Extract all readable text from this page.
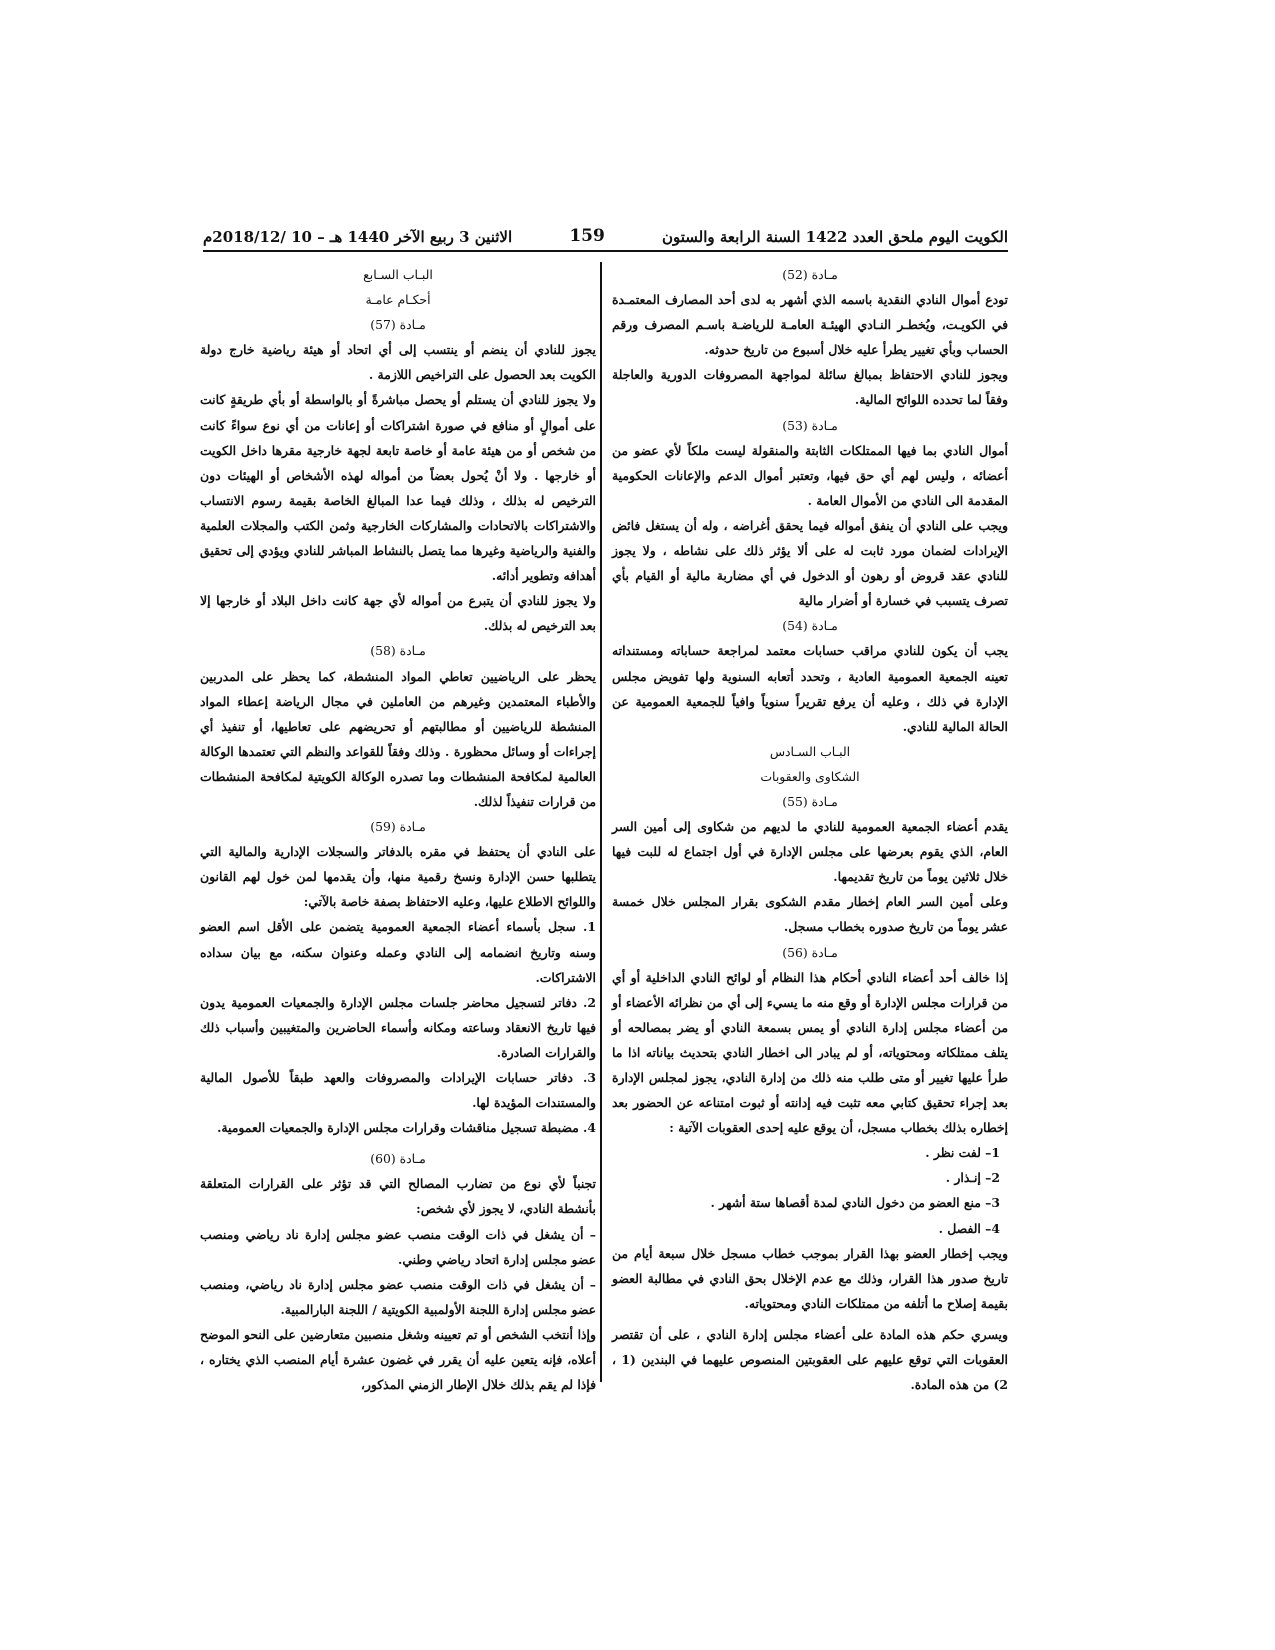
الكويت اليوم ملحق العدد 1422 السنة الرابعة والستون
159
الاثنين 3 ربيع الآخر 1440 هـ – 10 /2018/12م

مـادة (52)

تودع أموال النادي النقدية باسمه الذي أشهر به لدى أحد المصارف المعتمـدة في الكويـت، ويُخطـر النـادي الهيئـة العامـة للرياضـة باسـم المصرف ورقم الحساب وبأي تغيير يطرأ عليه خلال أسبوع من تاريخ حدوثه.

ويجوز للنادي الاحتفاظ بمبالغ سائلة لمواجهة المصروفات الدورية والعاجلة وفقاً لما تحدده اللوائح المالية.

مـادة (53)

أموال النادي بما فيها الممتلكات الثابتة والمنقولة ليست ملكاً لأي عضو من أعضائه ، وليس لهم أي حق فيها، وتعتبر أموال الدعم والإعانات الحكومية المقدمة الى النادي من الأموال العامة .

ويجب على النادي أن ينفق أمواله فيما يحقق أغراضه ، وله أن يستغل فائض الإيرادات لضمان مورد ثابت له على ألا يؤثر ذلك على نشاطه ، ولا يجوز للنادي عقد قروض أو رهون أو الدخول في أي مضاربة مالية أو القيام بأي تصرف يتسبب في خسارة أو أضرار مالية

مـادة (54)

يجب أن يكون للنادي مراقب حسابات معتمد لمراجعة حساباته ومستنداته تعينه الجمعية العمومية العادية ، وتحدد أتعابه السنوية ولها تفويض مجلس الإدارة في ذلك ، وعليه أن يرفع تقريراً سنوياً وافياً للجمعية العمومية عن الحالة المالية للنادي.

البـاب السـادس

الشكاوى والعقوبات

مـادة (55)

يقدم أعضاء الجمعية العمومية للنادي ما لديهم من شكاوى إلى أمين السر العام، الذي يقوم بعرضها على مجلس الإدارة في أول اجتماع له للبت فيها خلال ثلاثين يوماً من تاريخ تقديمها.

وعلى أمين السر العام إخطار مقدم الشكوى بقرار المجلس خلال خمسة عشر يوماً من تاريخ صدوره بخطاب مسجل.

مـادة (56)

إذا خالف أحد أعضاء النادي أحكام هذا النظام أو لوائح النادي الداخلية أو أي من قرارات مجلس الإدارة أو وقع منه ما يسيء إلى أي من نظرائه الأعضاء أو من أعضاء مجلس إدارة النادي أو يمس بسمعة النادي أو يضر بمصالحه أو يتلف ممتلكاته ومحتوياته، أو لم يبادر الى اخطار النادي بتحديث بياناته اذا ما طرأ عليها تغيير أو متى طلب منه ذلك من إدارة النادي، يجوز لمجلس الإدارة بعد إجراء تحقيق كتابي معه تثبت فيه إدانته أو ثبوت امتناعه عن الحضور بعد إخطاره بذلك بخطاب مسجل، أن يوقع عليه إحدى العقوبات الآتية :

1– لفت نظر .

2– إنـذار .

3– منع العضو من دخول النادي لمدة أقصاها ستة أشهر .

4– الفصل .

ويجب إخطار العضو بهذا القرار بموجب خطاب مسجل خلال سبعة أيام من تاريخ صدور هذا القرار، وذلك مع عدم الإخلال بحق النادي في مطالبة العضو بقيمة إصلاح ما أتلفه من ممتلكات النادي ومحتوياته.

ويسري حكم هذه المادة على أعضاء مجلس إدارة النادي ، على أن تقتصر العقوبات التي توقع عليهم على العقوبتين المنصوص عليهما في البندين (1 ، 2) من هذه المادة.

البـاب السـابع

أحكـام عامـة

مـادة (57)

يجوز للنادي أن ينضم أو ينتسب إلى أي اتحاد أو هيئة رياضية خارج دولة الكويت بعد الحصول على التراخيص اللازمة .

ولا يجوز للنادي أن يستلم أو يحصل مباشرةً أو بالواسطة أو بأي طريقةٍ كانت على أموالٍ أو منافع في صورة اشتراكات أو إعانات من أي نوع سواءً كانت من شخص أو من هيئة عامة أو خاصة تابعة لجهة خارجية مقرها داخل الكويت أو خارجها . ولا أنْ يُحول بعضاً من أمواله لهذه الأشخاص أو الهيئات دون الترخيص له بذلك ، وذلك فيما عدا المبالغ الخاصة بقيمة رسوم الانتساب والاشتراكات بالاتحادات والمشاركات الخارجية وثمن الكتب والمجلات العلمية والفنية والرياضية وغيرها مما يتصل بالنشاط المباشر للنادي ويؤدي إلى تحقيق أهدافه وتطوير أدائه.

ولا يجوز للنادي أن يتبرع من أمواله لأي جهة كانت داخل البلاد أو خارجها إلا بعد الترخيص له بذلك.

مـادة (58)

يحظر على الرياضيين تعاطي المواد المنشطة، كما يحظر على المدربين والأطباء المعتمدين وغيرهم من العاملين في مجال الرياضة إعطاء المواد المنشطة للرياضيين أو مطالبتهم أو تحريضهم على تعاطيها، أو تنفيذ أي إجراءات أو وسائل محظورة . وذلك وفقاً للقواعد والنظم التي تعتمدها الوكالة العالمية لمكافحة المنشطات وما تصدره الوكالة الكويتية لمكافحة المنشطات من قرارات تنفيذاً لذلك.

مـادة (59)

على النادي أن يحتفظ في مقره بالدفاتر والسجلات الإدارية والمالية التي يتطلبها حسن الإدارة ونسخ رقمية منها، وأن يقدمها لمن خول لهم القانون واللوائح الاطلاع عليها، وعليه الاحتفاظ بصفة خاصة بالآتي:

1. سجل بأسماء أعضاء الجمعية العمومية يتضمن على الأقل اسم العضو وسنه وتاريخ انضمامه إلى النادي وعمله وعنوان سكنه، مع بيان سداده الاشتراكات.

2. دفاتر لتسجيل محاضر جلسات مجلس الإدارة والجمعيات العمومية يدون فيها تاريخ الانعقاد وساعته ومكانه وأسماء الحاضرين والمتغيبين وأسباب ذلك والقرارات الصادرة.

3. دفاتر حسابات الإيرادات والمصروفات والعهد طبقاً للأصول المالية والمستندات المؤيدة لها.

4. مضبطة تسجيل مناقشات وقرارات مجلس الإدارة والجمعيات العمومية.

مـادة (60)

تجنباً لأي نوع من تضارب المصالح التي قد تؤثر على القرارات المتعلقة بأنشطة النادي، لا يجوز لأي شخص:

– أن يشغل في ذات الوقت منصب عضو مجلس إدارة ناد رياضي ومنصب عضو مجلس إدارة اتحاد رياضي وطني.

– أن يشغل في ذات الوقت منصب عضو مجلس إدارة ناد رياضي، ومنصب عضو مجلس إدارة اللجنة الأولمبية الكويتية / اللجنة البارالمبية.

وإذا أنتخب الشخص أو تم تعيينه وشغل منصبين متعارضين على النحو الموضح أعلاه، فإنه يتعين عليه أن يقرر في غضون عشرة أيام المنصب الذي يختاره ، فإذا لم يقم بذلك خلال الإطار الزمني المذكور،
